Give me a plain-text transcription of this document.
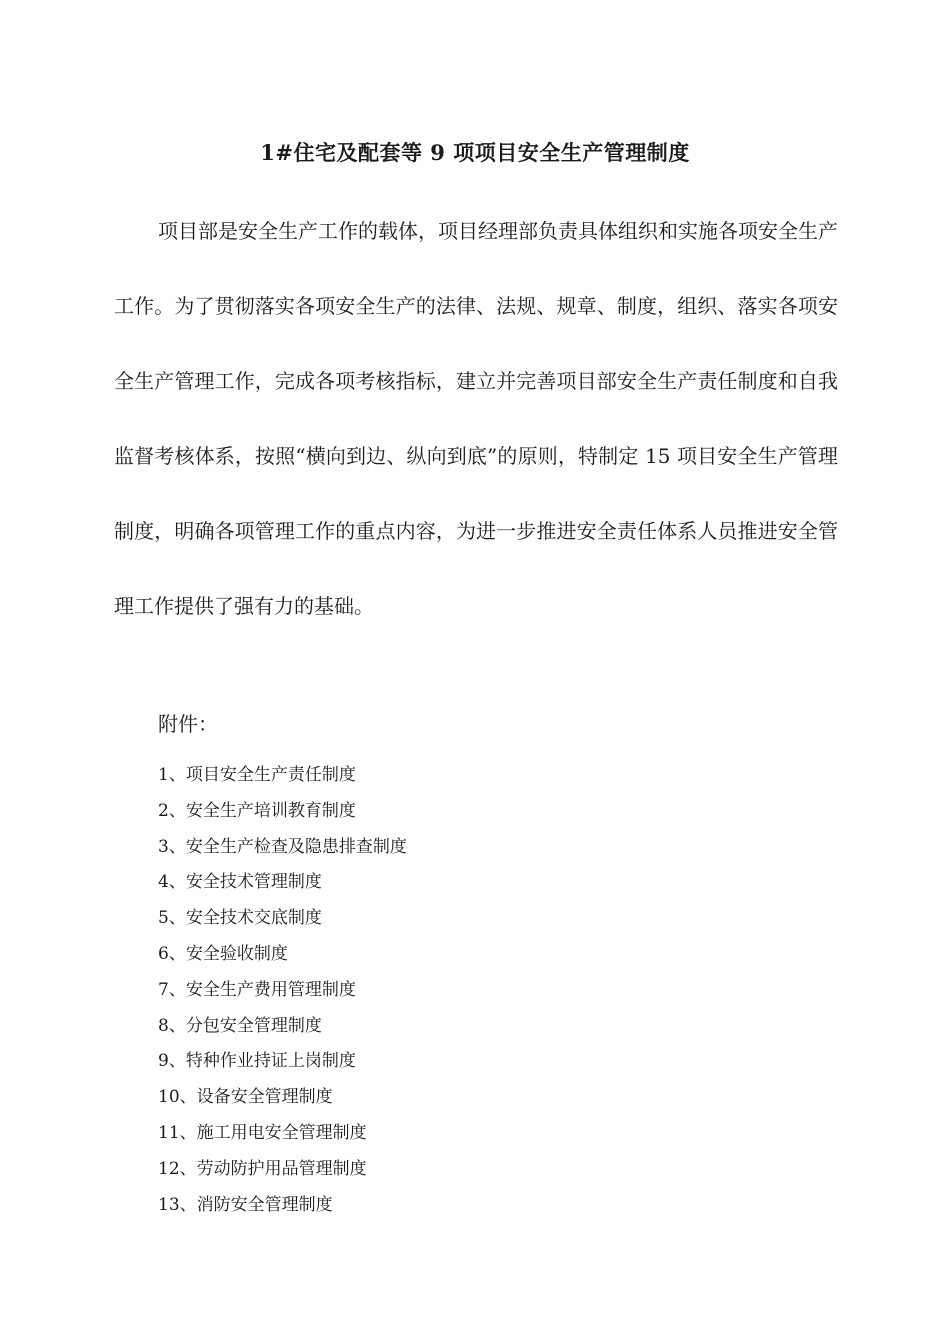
1#住宅及配套等 9 项项目安全生产管理制度

项目部是安全生产工作的载体，项目经理部负责具体组织和实施各项安全生产工作。为了贯彻落实各项安全生产的法律、法规、规章、制度，组织、落实各项安全生产管理工作，完成各项考核指标，建立并完善项目部安全生产责任制度和自我监督考核体系，按照“横向到边、纵向到底”的原则，特制定 15 项目安全生产管理制度，明确各项管理工作的重点内容，为进一步推进安全责任体系人员推进安全管理工作提供了强有力的基础。

附件：
1、项目安全生产责任制度
2、安全生产培训教育制度
3、安全生产检查及隐患排查制度
4、安全技术管理制度
5、安全技术交底制度
6、安全验收制度
7、安全生产费用管理制度
8、分包安全管理制度
9、特种作业持证上岗制度
10、设备安全管理制度
11、施工用电安全管理制度
12、劳动防护用品管理制度
13、消防安全管理制度
